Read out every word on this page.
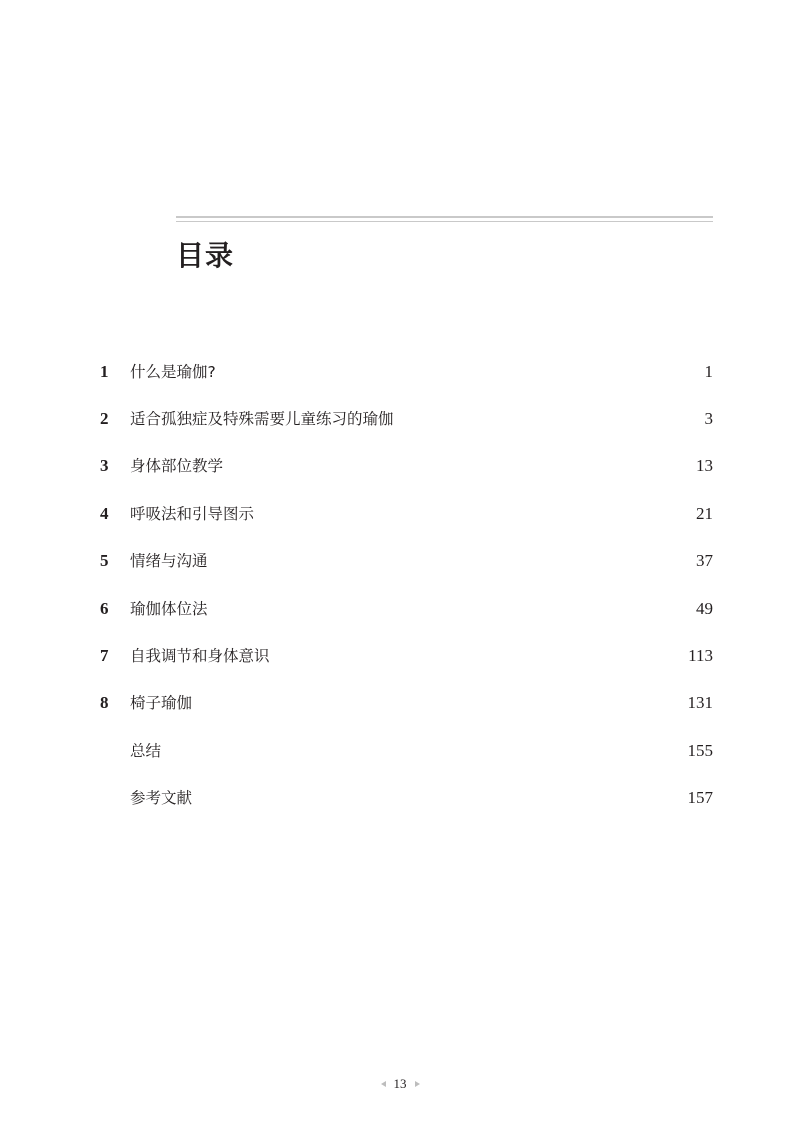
目录
1	什么是瑜伽?	1
2	适合孤独症及特殊需要儿童练习的瑜伽	3
3	身体部位教学	13
4	呼吸法和引导图示	21
5	情绪与沟通	37
6	瑜伽体位法	49
7	自我调节和身体意识	113
8	椅子瑜伽	131
总结	155
参考文献	157
13
